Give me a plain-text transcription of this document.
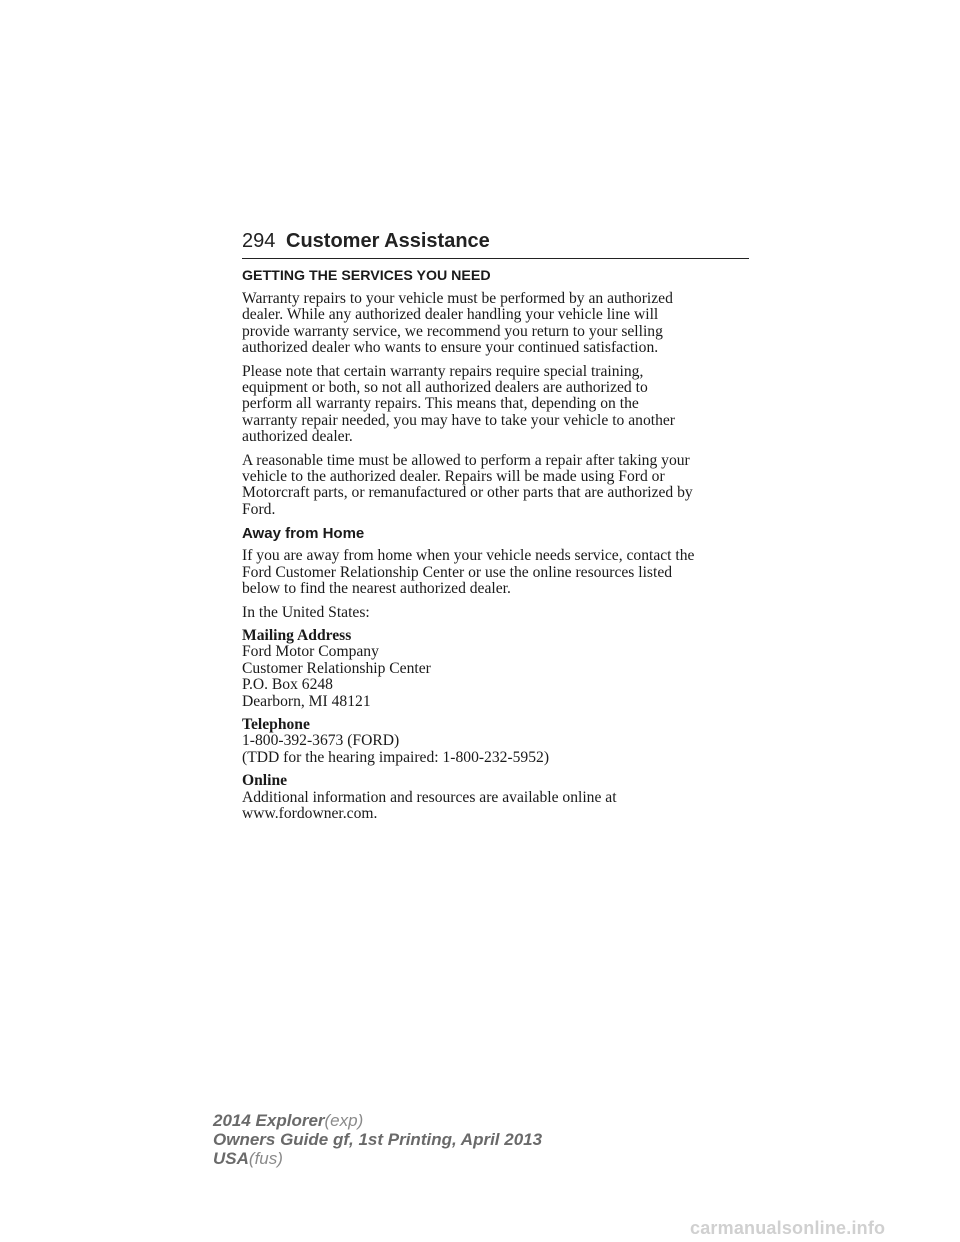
294 Customer Assistance

GETTING THE SERVICES YOU NEED

Warranty repairs to your vehicle must be performed by an authorized
dealer. While any authorized dealer handling your vehicle line will
provide warranty service, we recommend you return to your selling
authorized dealer who wants to ensure your continued satisfaction.

Please note that certain warranty repairs require special training,
equipment or both, so not all authorized dealers are authorized to
perform all warranty repairs. This means that, depending on the
warranty repair needed, you may have to take your vehicle to another
authorized dealer.

A reasonable time must be allowed to perform a repair after taking your
vehicle to the authorized dealer. Repairs will be made using Ford or
Motorcraft parts, or remanufactured or other parts that are authorized by
Ford.

Away from Home

If you are away from home when your vehicle needs service, contact the
Ford Customer Relationship Center or use the online resources listed
below to find the nearest authorized dealer.

In the United States:

Mailing Address
Ford Motor Company
Customer Relationship Center
P.O. Box 6248
Dearborn, MI 48121
Telephone
1-800-392-3673 (FORD)
(TDD for the hearing impaired: 1-800-232-5952)
Online
Additional information and resources are available online at
www.fordowner.com.
2014 Explorer(exp)
Owners Guide gf, 1st Printing, April 2013
USA(fus)
carmanualsonline.info
